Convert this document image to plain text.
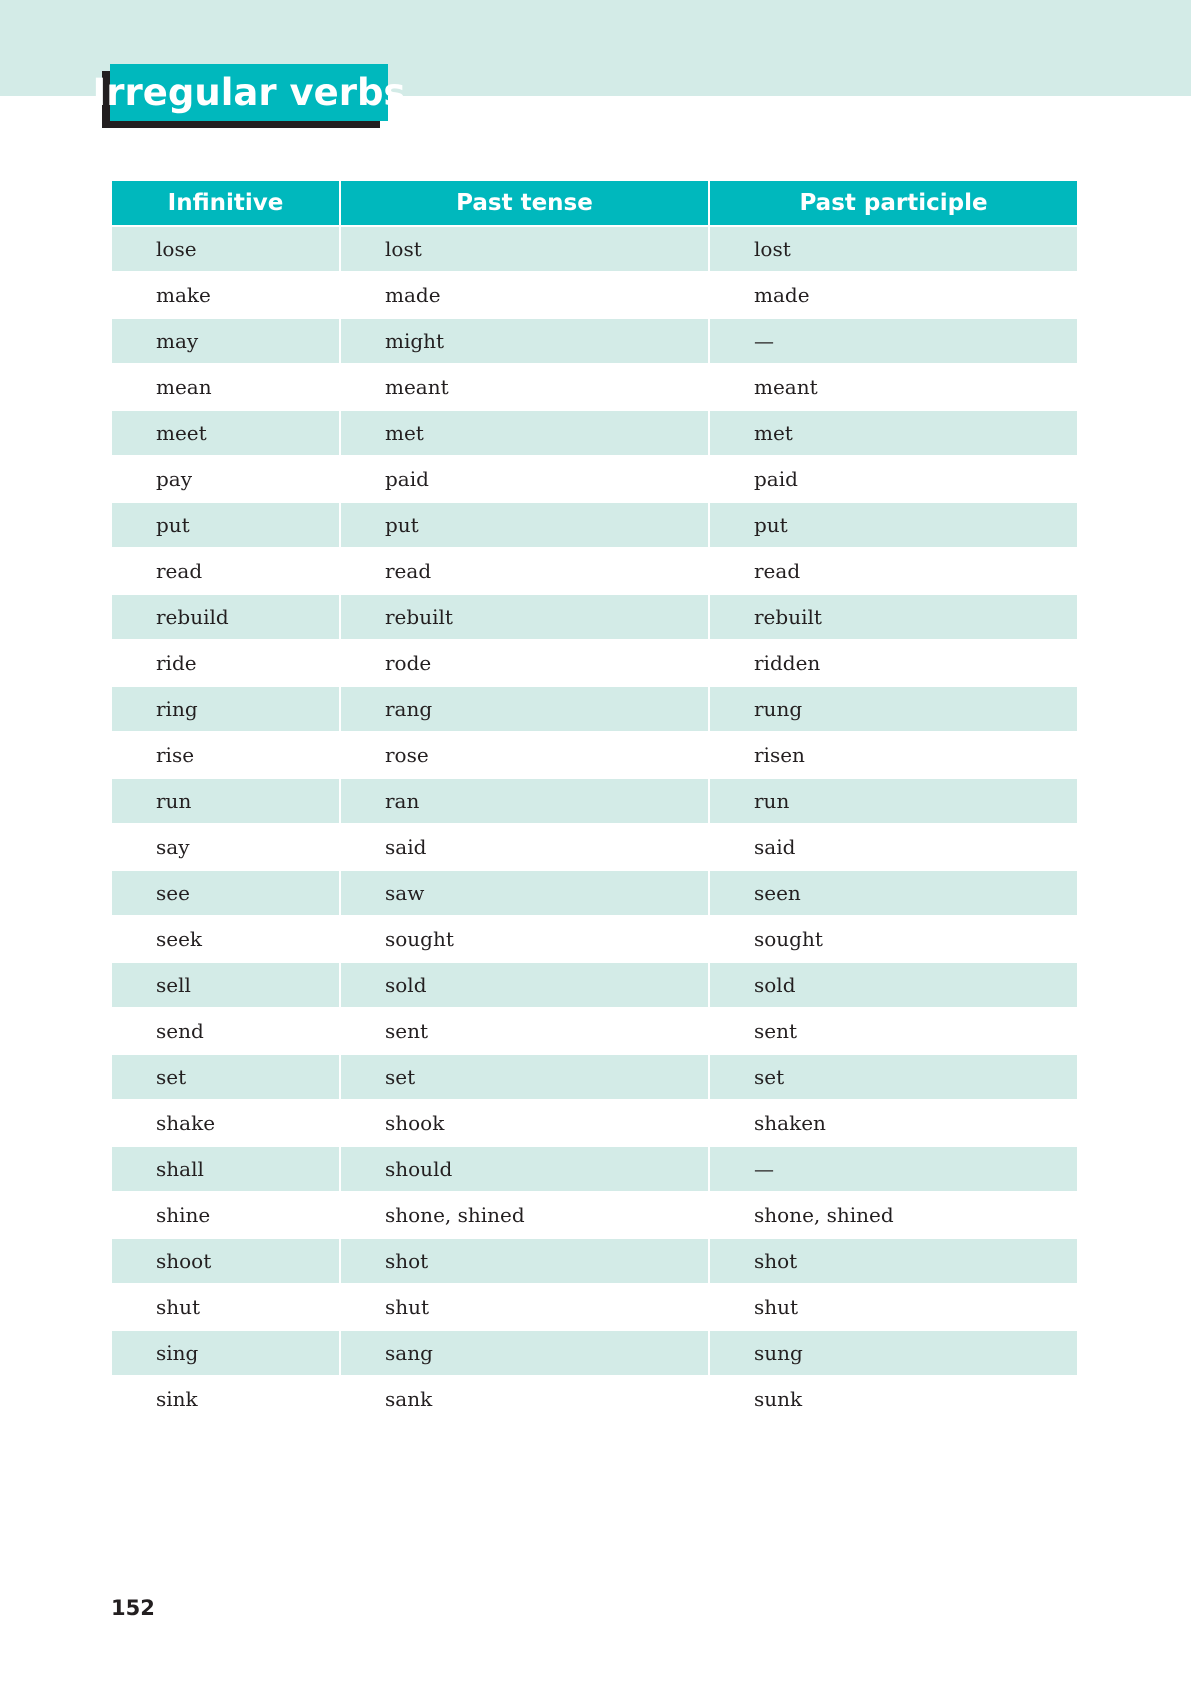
Irregular verbs
Infinitive	Past tense	Past participle
lose	lost	lost
make	made	made
may	might	—
mean	meant	meant
meet	met	met
pay	paid	paid
put	put	put
read	read	read
rebuild	rebuilt	rebuilt
ride	rode	ridden
ring	rang	rung
rise	rose	risen
run	ran	run
say	said	said
see	saw	seen
seek	sought	sought
sell	sold	sold
send	sent	sent
set	set	set
shake	shook	shaken
shall	should	—
shine	shone, shined	shone, shined
shoot	shot	shot
shut	shut	shut
sing	sang	sung
sink	sank	sunk
152
